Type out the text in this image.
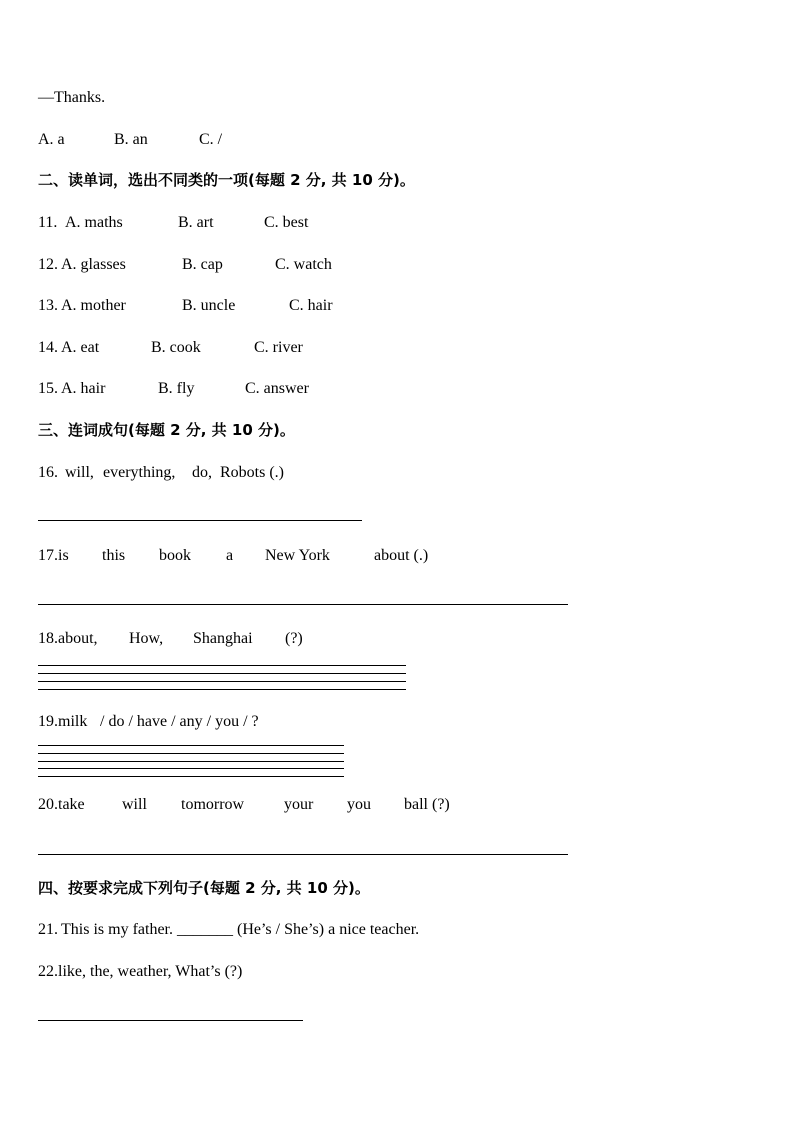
—Thanks.
A. a	B. an	C. /
二、读单词，选出不同类的一项(每题 2 分, 共 10 分)。
11. A. maths	B. art	C. best
12. A. glasses	B. cap	C. watch
13. A. mother	B. uncle	C. hair
14. A. eat	B. cook	C. river
15. A. hair	B. fly	C. answer
三、连词成句(每题 2 分, 共 10 分)。
16. will, everything, do, Robots (.)
17.is this book a New York	about (.)
18.about, How, Shanghai (?)
19.milk / do / have / any / you / ?
20.take will tomorrow your you ball (?)
四、按要求完成下列句子(每题 2 分, 共 10 分)。
21. This is my father. _______ (He’s / She’s) a nice teacher.
22.like, the, weather, What’s (?)
